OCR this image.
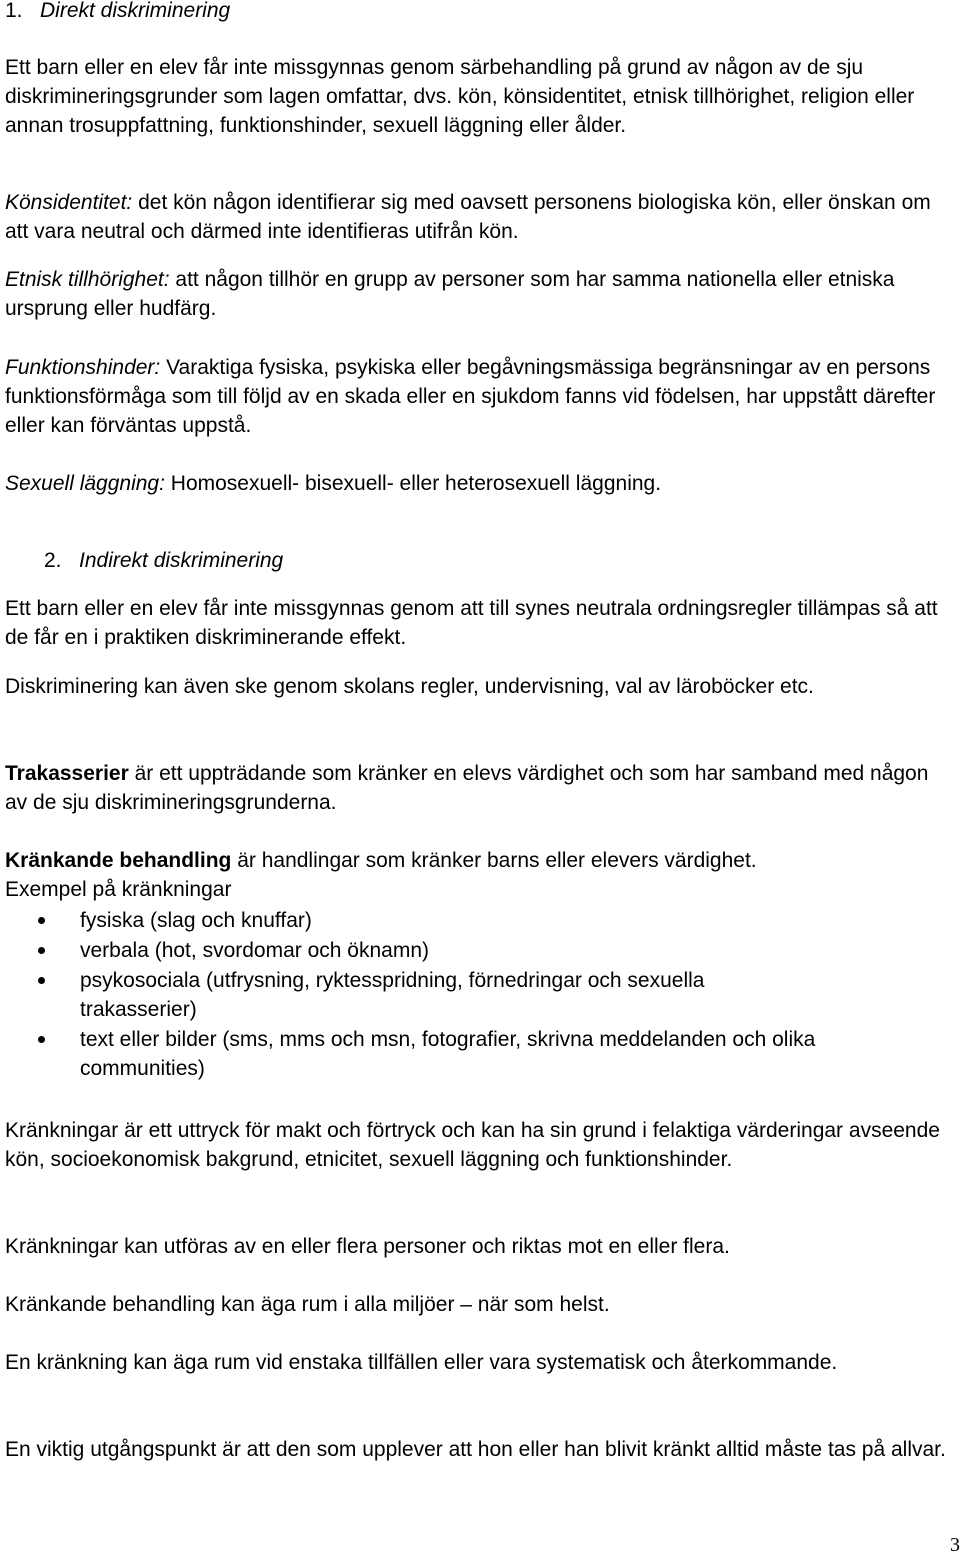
1. Direkt diskriminering

Ett barn eller en elev får inte missgynnas genom särbehandling på grund av någon av de sju diskrimineringsgrunder som lagen omfattar, dvs. kön, könsidentitet, etnisk tillhörighet, religion eller annan trosuppfattning, funktionshinder, sexuell läggning eller ålder.

Könsidentitet: det kön någon identifierar sig med oavsett personens biologiska kön, eller önskan om att vara neutral och därmed inte identifieras utifrån kön.

Etnisk tillhörighet: att någon tillhör en grupp av personer som har samma nationella eller etniska ursprung eller hudfärg.

Funktionshinder: Varaktiga fysiska, psykiska eller begåvningsmässiga begränsningar av en persons funktionsförmåga som till följd av en skada eller en sjukdom fanns vid födelsen, har uppstått därefter eller kan förväntas uppstå.

Sexuell läggning: Homosexuell- bisexuell- eller heterosexuell läggning.

2. Indirekt diskriminering

Ett barn eller en elev får inte missgynnas genom att till synes neutrala ordningsregler tillämpas så att de får en i praktiken diskriminerande effekt.

Diskriminering kan även ske genom skolans regler, undervisning, val av läroböcker etc.

Trakasserier är ett uppträdande som kränker en elevs värdighet och som har samband med någon av de sju diskrimineringsgrunderna.

Kränkande behandling är handlingar som kränker barns eller elevers värdighet.
Exempel på kränkningar

fysiska (slag och knuffar)
verbala (hot, svordomar och öknamn)
psykosociala (utfrysning, ryktesspridning, förnedringar och sexuella trakasserier)
text eller bilder (sms, mms och msn, fotografier, skrivna meddelanden och olika communities)

Kränkningar är ett uttryck för makt och förtryck och kan ha sin grund i felaktiga värderingar avseende kön, socioekonomisk bakgrund, etnicitet, sexuell läggning och funktionshinder.

Kränkningar kan utföras av en eller flera personer och riktas mot en eller flera.

Kränkande behandling kan äga rum i alla miljöer – när som helst.

En kränkning kan äga rum vid enstaka tillfällen eller vara systematisk och återkommande.

En viktig utgångspunkt är att den som upplever att hon eller han blivit kränkt alltid måste tas på allvar.

3
